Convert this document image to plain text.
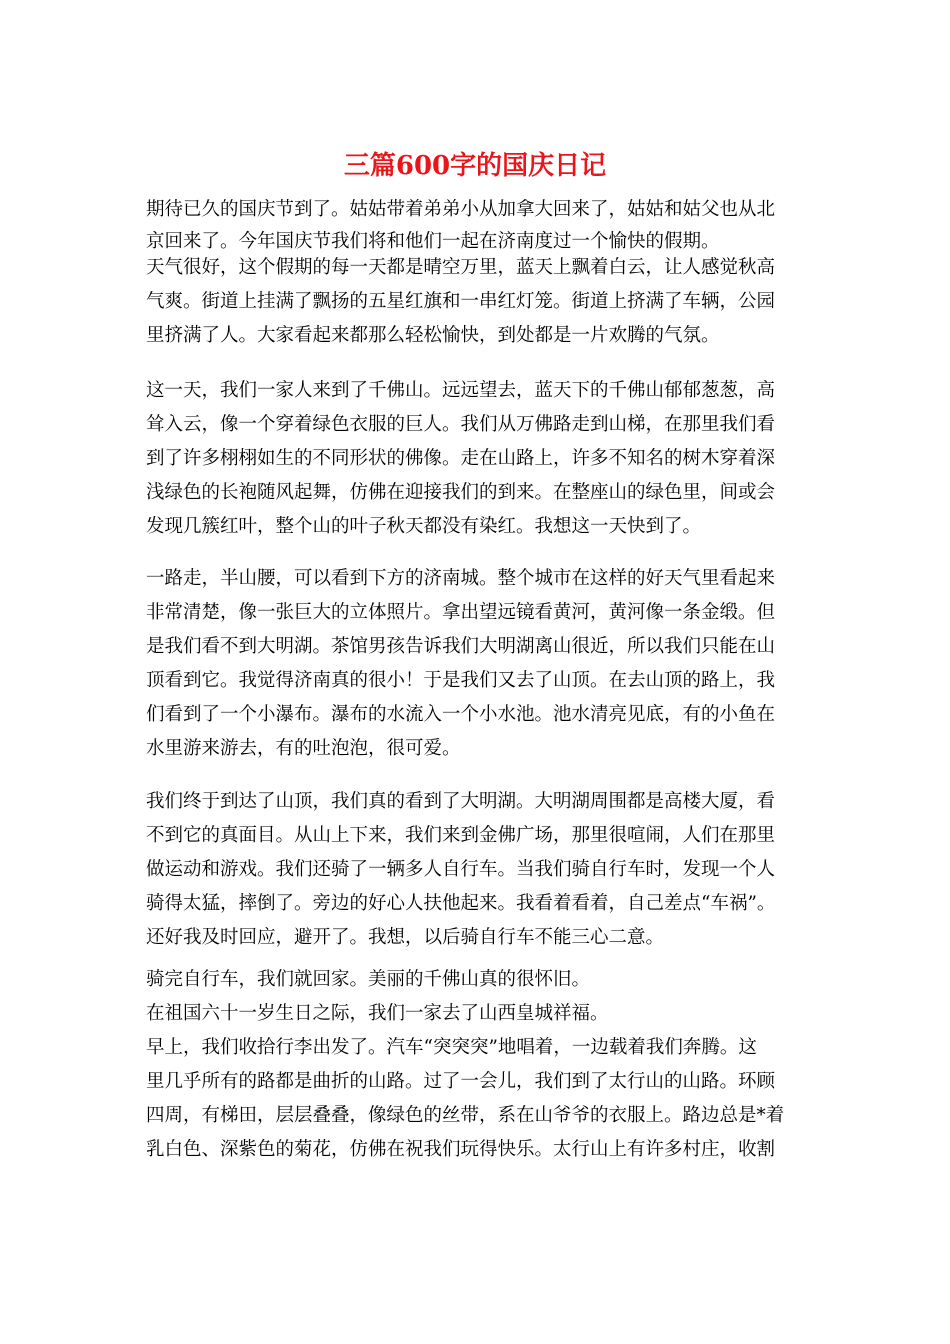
三篇600字的国庆日记
期待已久的国庆节到了。姑姑带着弟弟小从加拿大回来了，姑姑和姑父也从北
京回来了。今年国庆节我们将和他们一起在济南度过一个愉快的假期。
天气很好，这个假期的每一天都是晴空万里，蓝天上飘着白云，让人感觉秋高
气爽。街道上挂满了飘扬的五星红旗和一串红灯笼。街道上挤满了车辆，公园
里挤满了人。大家看起来都那么轻松愉快，到处都是一片欢腾的气氛。
这一天，我们一家人来到了千佛山。远远望去，蓝天下的千佛山郁郁葱葱，高
耸入云，像一个穿着绿色衣服的巨人。我们从万佛路走到山梯，在那里我们看
到了许多栩栩如生的不同形状的佛像。走在山路上，许多不知名的树木穿着深
浅绿色的长袍随风起舞，仿佛在迎接我们的到来。在整座山的绿色里，间或会
发现几簇红叶，整个山的叶子秋天都没有染红。我想这一天快到了。
一路走，半山腰，可以看到下方的济南城。整个城市在这样的好天气里看起来
非常清楚，像一张巨大的立体照片。拿出望远镜看黄河，黄河像一条金缎。但
是我们看不到大明湖。茶馆男孩告诉我们大明湖离山很近，所以我们只能在山
顶看到它。我觉得济南真的很小！于是我们又去了山顶。在去山顶的路上，我
们看到了一个小瀑布。瀑布的水流入一个小水池。池水清亮见底，有的小鱼在
水里游来游去，有的吐泡泡，很可爱。
我们终于到达了山顶，我们真的看到了大明湖。大明湖周围都是高楼大厦，看
不到它的真面目。从山上下来，我们来到金佛广场，那里很喧闹，人们在那里
做运动和游戏。我们还骑了一辆多人自行车。当我们骑自行车时，发现一个人
骑得太猛，摔倒了。旁边的好心人扶他起来。我看着看着，自己差点“车祸”。
还好我及时回应，避开了。我想，以后骑自行车不能三心二意。
骑完自行车，我们就回家。美丽的千佛山真的很怀旧。
在祖国六十一岁生日之际，我们一家去了山西皇城祥福。
早上，我们收拾行李出发了。汽车“突突突”地唱着，一边载着我们奔腾。这
里几乎所有的路都是曲折的山路。过了一会儿，我们到了太行山的山路。环顾
四周，有梯田，层层叠叠，像绿色的丝带，系在山爷爷的衣服上。路边总是*着
乳白色、深紫色的菊花，仿佛在祝我们玩得快乐。太行山上有许多村庄，收割
